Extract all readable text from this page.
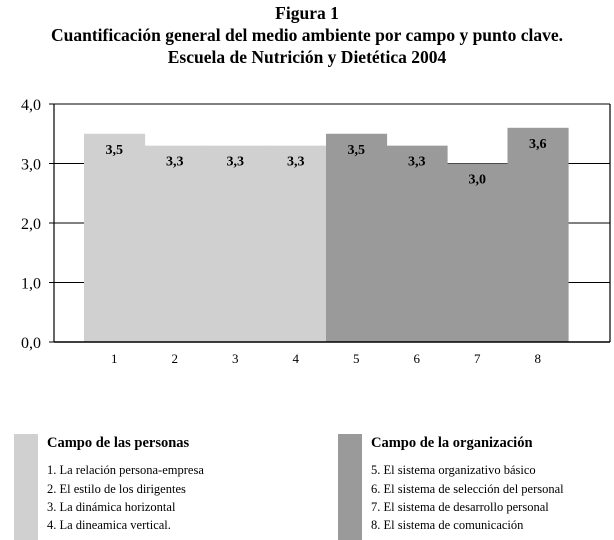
Figura 1
Cuantificación general del medio ambiente por campo y punto clave.
Escuela de Nutrición y Dietética 2004
0,0
1,0
2,0
3,0
4,0
3,5
1
3,3
2
3,3
3
3,3
4
3,5
5
3,3
6
3,0
7
3,6
8
Campo de las personas
1. La relación persona-empresa
2. El estilo de los dirigentes
3. La dinámica horizontal
4. La dineamica vertical.
Campo de la organización
5. El sistema organizativo básico
6. El sistema de selección del personal
7. El sistema de desarrollo personal
8. El sistema de comunicación
